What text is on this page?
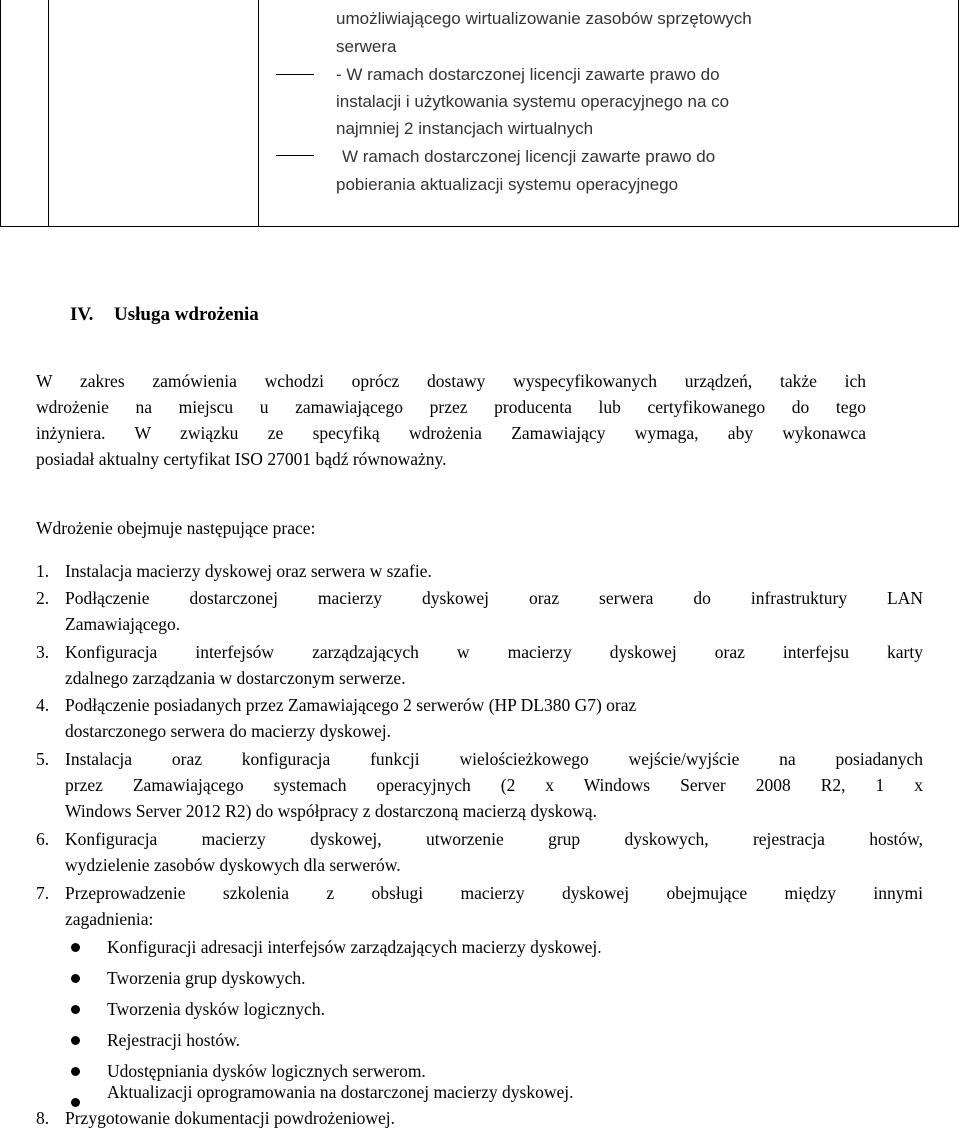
umożliwiającego wirtualizowanie zasobów sprzętowych
serwera
- W ramach dostarczonej licencji zawarte prawo do
instalacji i użytkowania systemu operacyjnego na co
najmniej 2 instancjach wirtualnych
W ramach dostarczonej licencji zawarte prawo do
pobierania aktualizacji systemu operacyjnego
IV. Usługa wdrożenia
W zakres zamówienia wchodzi oprócz dostawy wyspecyfikowanych urządzeń, także ich
wdrożenie na miejscu u zamawiającego przez producenta lub certyfikowanego do tego
inżyniera. W związku ze specyfiką wdrożenia Zamawiający wymaga, aby wykonawca
posiadał aktualny certyfikat ISO 27001 bądź równoważny.
Wdrożenie obejmuje następujące prace:
1. Instalacja macierzy dyskowej oraz serwera w szafie.
2. Podłączenie dostarczonej macierzy dyskowej oraz serwera do infrastruktury LAN
Zamawiającego.
3. Konfiguracja interfejsów zarządzających w macierzy dyskowej oraz interfejsu karty
zdalnego zarządzania w dostarczonym serwerze.
4. Podłączenie posiadanych przez Zamawiającego 2 serwerów (HP DL380 G7) oraz
dostarczonego serwera do macierzy dyskowej.
5. Instalacja oraz konfiguracja funkcji wielościeżkowego wejście/wyjście na posiadanych
przez Zamawiającego systemach operacyjnych (2 x Windows Server 2008 R2, 1 x
Windows Server 2012 R2) do współpracy z dostarczoną macierzą dyskową.
6. Konfiguracja macierzy dyskowej, utworzenie grup dyskowych, rejestracja hostów,
wydzielenie zasobów dyskowych dla serwerów.
7. Przeprowadzenie szkolenia z obsługi macierzy dyskowej obejmujące między innymi
zagadnienia:
Konfiguracji adresacji interfejsów zarządzających macierzy dyskowej.
Tworzenia grup dyskowych.
Tworzenia dysków logicznych.
Rejestracji hostów.
Udostępniania dysków logicznych serwerom.
Aktualizacji oprogramowania na dostarczonej macierzy dyskowej.
8. Przygotowanie dokumentacji powdrożeniowej.
